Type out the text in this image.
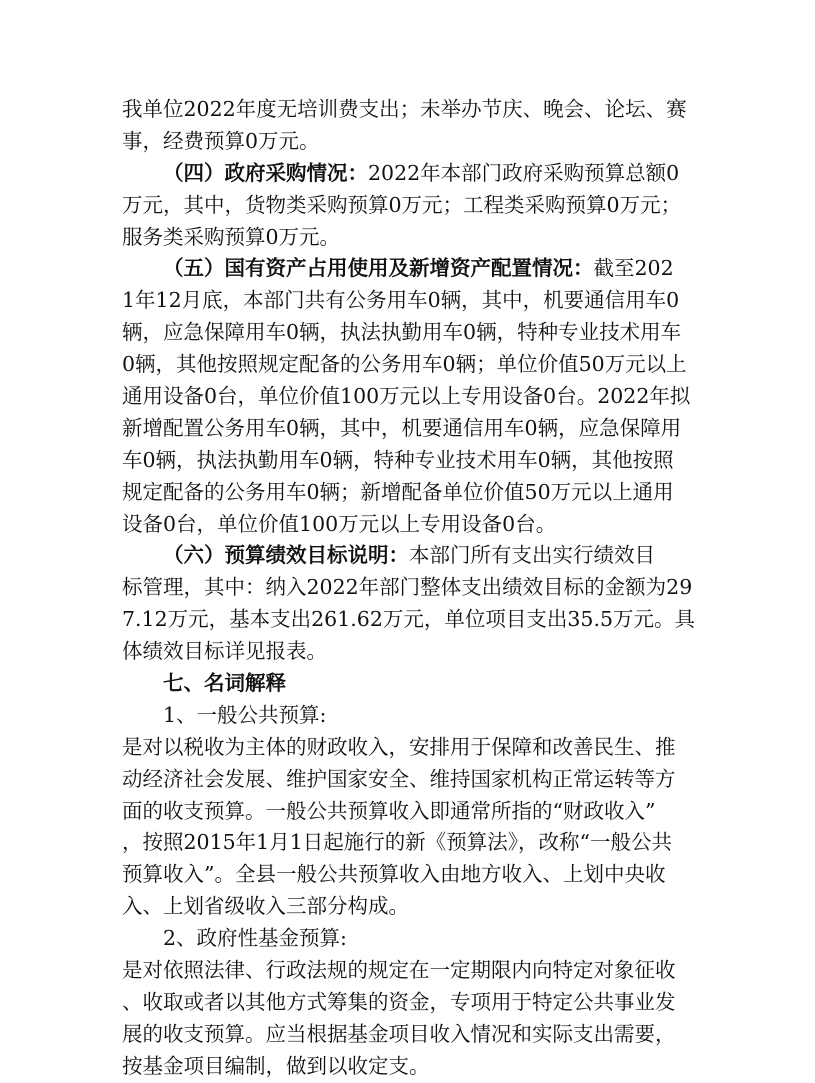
我单位2022年度无培训费支出；未举办节庆、晚会、论坛、赛
事，经费预算0万元。
（四）政府采购情况：2022年本部门政府采购预算总额0
万元，其中，货物类采购预算0万元；工程类采购预算0万元；
服务类采购预算0万元。
（五）国有资产占用使用及新增资产配置情况：截至202
1年12月底，本部门共有公务用车0辆，其中，机要通信用车0
辆，应急保障用车0辆，执法执勤用车0辆，特种专业技术用车
0辆，其他按照规定配备的公务用车0辆；单位价值50万元以上
通用设备0台，单位价值100万元以上专用设备0台。2022年拟
新增配置公务用车0辆，其中，机要通信用车0辆，应急保障用
车0辆，执法执勤用车0辆，特种专业技术用车0辆，其他按照
规定配备的公务用车0辆；新增配备单位价值50万元以上通用
设备0台，单位价值100万元以上专用设备0台。
（六）预算绩效目标说明：本部门所有支出实行绩效目
标管理，其中：纳入2022年部门整体支出绩效目标的金额为29
7.12万元，基本支出261.62万元，单位项目支出35.5万元。具
体绩效目标详见报表。
七、名词解释
1、一般公共预算:
是对以税收为主体的财政收入，安排用于保障和改善民生、推
动经济社会发展、维护国家安全、维持国家机构正常运转等方
面的收支预算。一般公共预算收入即通常所指的“财政收入”
，按照2015年1月1日起施行的新《预算法》，改称“一般公共
预算收入”。全县一般公共预算收入由地方收入、上划中央收
入、上划省级收入三部分构成。
2、政府性基金预算:
是对依照法律、行政法规的规定在一定期限内向特定对象征收
、收取或者以其他方式筹集的资金，专项用于特定公共事业发
展的收支预算。应当根据基金项目收入情况和实际支出需要，
按基金项目编制，做到以收定支。
